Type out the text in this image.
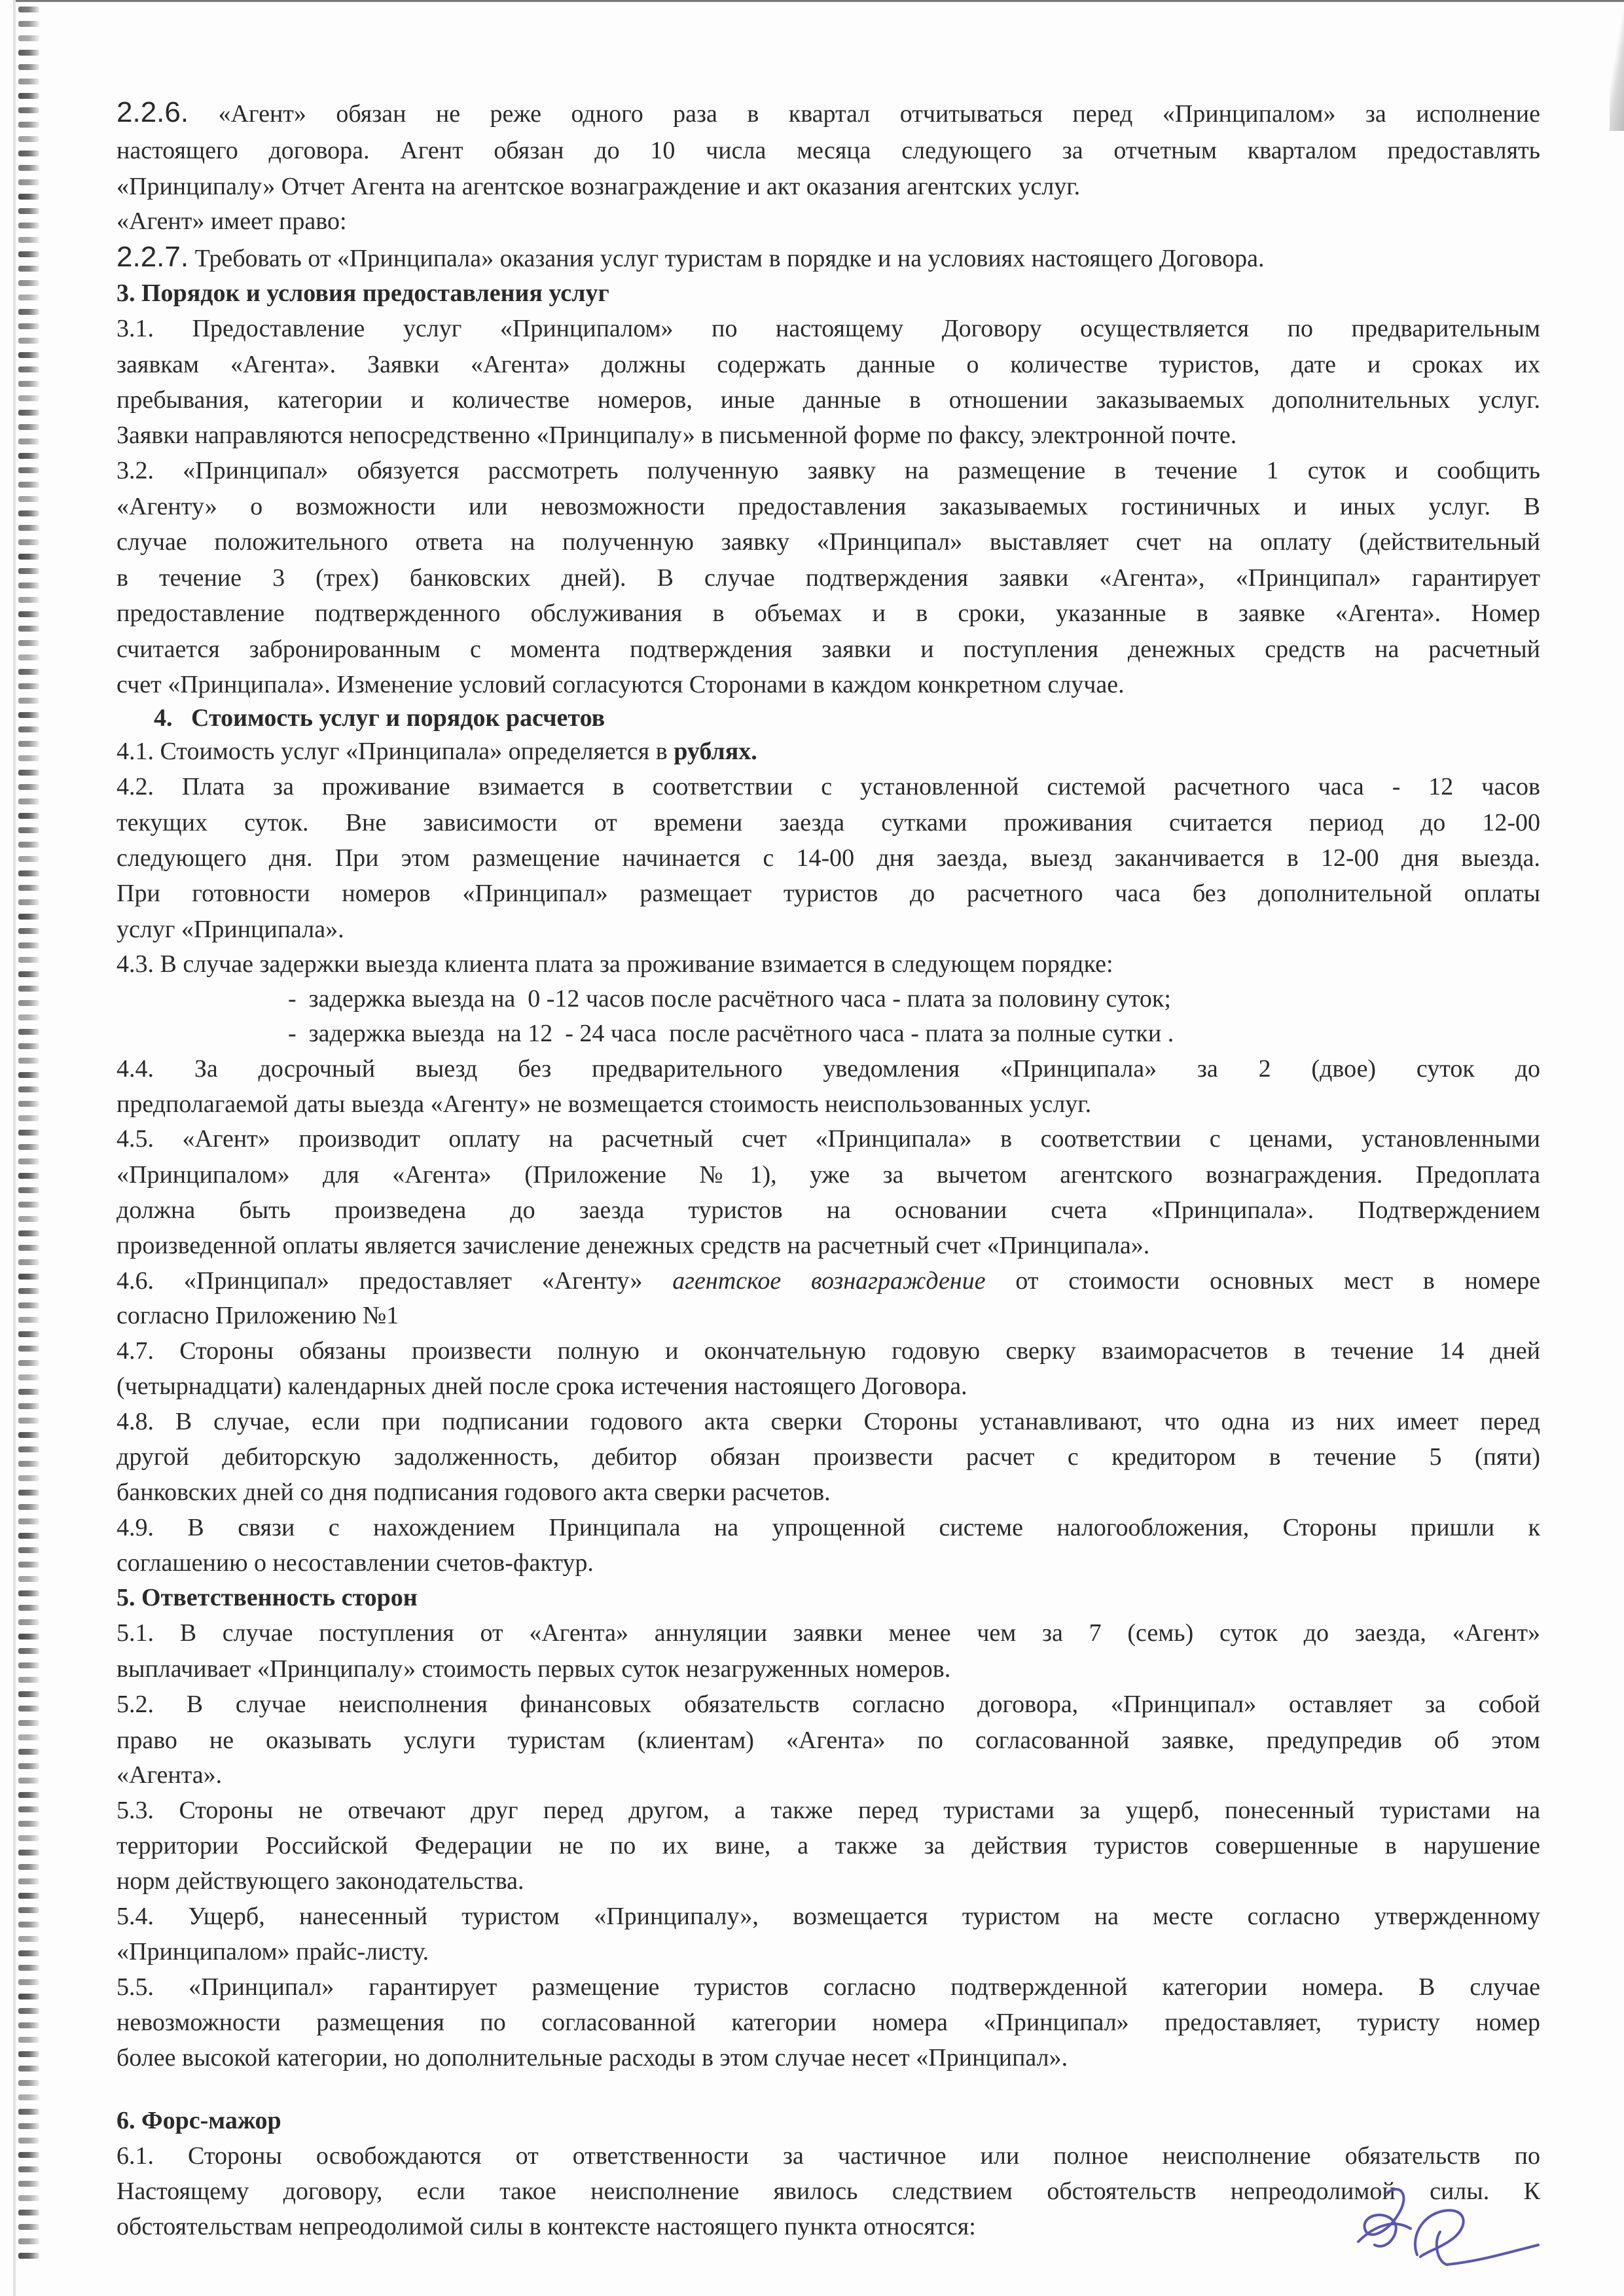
2.2.6. «Агент» обязан не реже одного раза в квартал отчитываться перед «Принципалом» за исполнение
настоящего договора. Агент обязан до 10 числа месяца следующего за отчетным кварталом предоставлять
«Принципалу» Отчет Агента на агентское вознаграждение и акт оказания агентских услуг.
«Агент» имеет право:
2.2.7. Требовать от «Принципала» оказания услуг туристам в порядке и на условиях настоящего Договора.
3. Порядок и условия предоставления услуг
3.1. Предоставление услуг «Принципалом» по настоящему Договору осуществляется по предварительным
заявкам «Агента». Заявки «Агента» должны содержать данные о количестве туристов, дате и сроках их
пребывания, категории и количестве номеров, иные данные в отношении заказываемых дополнительных услуг.
Заявки направляются непосредственно «Принципалу» в письменной форме по факсу, электронной почте.
3.2. «Принципал» обязуется рассмотреть полученную заявку на размещение в течение 1 суток и сообщить
«Агенту» о возможности или невозможности предоставления заказываемых гостиничных и иных услуг. В
случае положительного ответа на полученную заявку «Принципал» выставляет счет на оплату (действительный
в течение 3 (трех) банковских дней). В случае подтверждения заявки «Агента», «Принципал» гарантирует
предоставление подтвержденного обслуживания в объемах и в сроки, указанные в заявке «Агента». Номер
считается забронированным с момента подтверждения заявки и поступления денежных средств на расчетный
счет «Принципала». Изменение условий согласуются Сторонами в каждом конкретном случае.
4.   Стоимость услуг и порядок расчетов
4.1. Стоимость услуг «Принципала» определяется в рублях.
4.2. Плата за проживание взимается в соответствии с установленной системой расчетного часа - 12 часов
текущих суток. Вне зависимости от времени заезда сутками проживания считается период до 12-00
следующего дня. При этом размещение начинается с 14-00 дня заезда, выезд заканчивается в 12-00 дня выезда.
При готовности номеров «Принципал» размещает туристов до расчетного часа без дополнительной оплаты
услуг «Принципала».
4.3. В случае задержки выезда клиента плата за проживание взимается в следующем порядке:
-  задержка выезда на  0 -12 часов после расчётного часа - плата за половину суток;
-  задержка выезда  на 12  - 24 часа  после расчётного часа - плата за полные сутки .
4.4. За досрочный выезд без предварительного уведомления «Принципала» за 2 (двое) суток до
предполагаемой даты выезда «Агенту» не возмещается стоимость неиспользованных услуг.
4.5. «Агент» производит оплату на расчетный счет «Принципала» в соответствии с ценами, установленными
«Принципалом» для «Агента» (Приложение №1), уже за вычетом агентского вознаграждения. Предоплата
должна быть произведена до заезда туристов на основании счета «Принципала». Подтверждением
произведенной оплаты является зачисление денежных средств на расчетный счет «Принципала».
4.6. «Принципал» предоставляет «Агенту» агентское вознаграждение от стоимости основных мест в номере
согласно Приложению №1
4.7. Стороны обязаны произвести полную и окончательную годовую сверку взаиморасчетов в течение 14 дней
(четырнадцати) календарных дней после срока истечения настоящего Договора.
4.8. В случае, если при подписании годового акта сверки Стороны устанавливают, что одна из них имеет перед
другой дебиторскую задолженность, дебитор обязан произвести расчет с кредитором в течение 5 (пяти)
банковских дней со дня подписания годового акта сверки расчетов.
4.9. В связи с нахождением Принципала на упрощенной системе налогообложения, Стороны пришли к
соглашению о несоставлении счетов-фактур.
5. Ответственность сторон
5.1. В случае поступления от «Агента» аннуляции заявки менее чем за 7 (семь) суток до заезда, «Агент»
выплачивает «Принципалу» стоимость первых суток незагруженных номеров.
5.2. В случае неисполнения финансовых обязательств согласно договора, «Принципал» оставляет за собой
право не оказывать услуги туристам (клиентам) «Агента» по согласованной заявке, предупредив об этом
«Агента».
5.3. Стороны не отвечают друг перед другом, а также перед туристами за ущерб, понесенный туристами на
территории Российской Федерации не по их вине, а также за действия туристов совершенные в нарушение
норм действующего законодательства.
5.4. Ущерб, нанесенный туристом «Принципалу», возмещается туристом на месте согласно утвержденному
«Принципалом» прайс-листу.
5.5. «Принципал» гарантирует размещение туристов согласно подтвержденной категории номера. В случае
невозможности размещения по согласованной категории номера «Принципал» предоставляет, туристу номер
более высокой категории, но дополнительные расходы в этом случае несет «Принципал».
6. Форс-мажор
6.1. Стороны освобождаются от ответственности за частичное или полное неисполнение обязательств по
Настоящему договору, если такое неисполнение явилось следствием обстоятельств непреодолимой силы. К
обстоятельствам непреодолимой силы в контексте настоящего пункта относятся:
